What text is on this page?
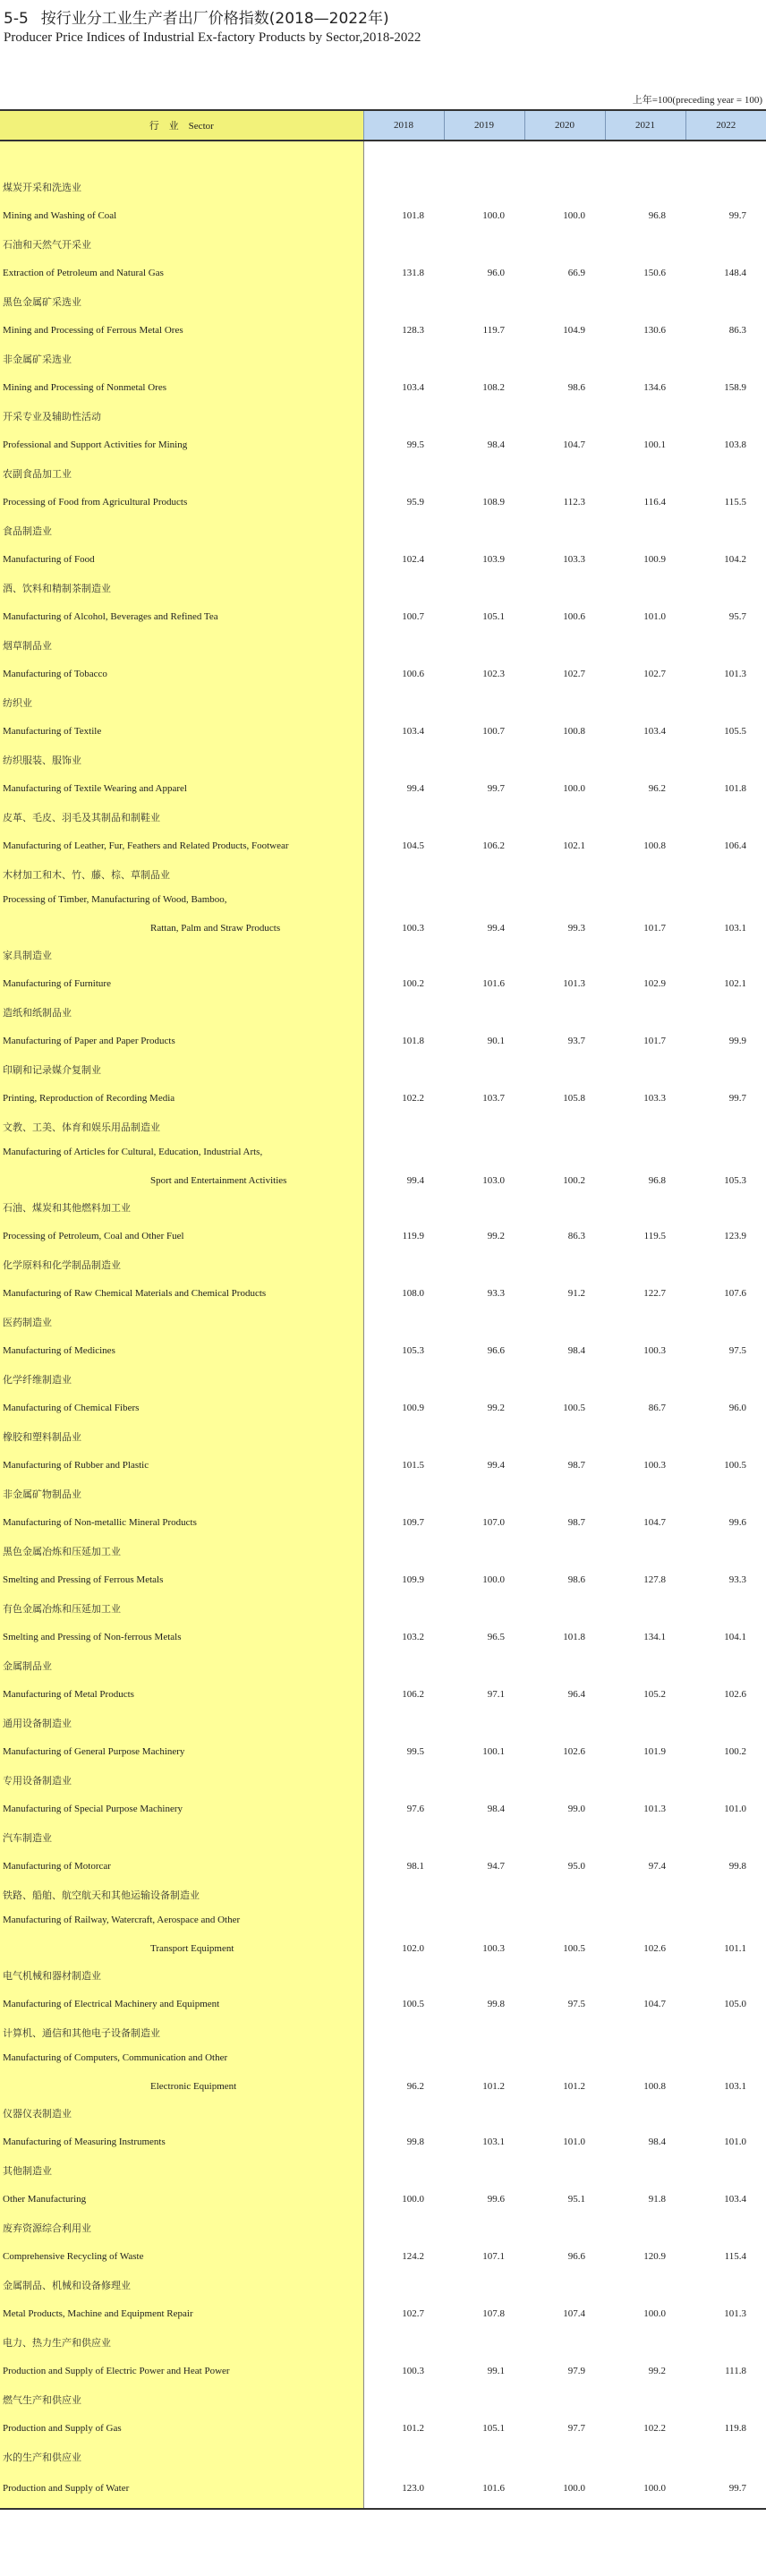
5-5 按行业分工业生产者出厂价格指数(2018—2022年)
Producer Price Indices of Industrial Ex-factory Products by Sector,2018-2022
上年=100(preceding year = 100)
行　业　Sector	2018	2019	2020	2021	2022

煤炭开采和洗选业					
Mining and Washing of Coal	101.8	100.0	100.0	96.8	99.7
石油和天然气开采业					
Extraction of Petroleum and Natural Gas	131.8	96.0	66.9	150.6	148.4
黑色金属矿采选业					
Mining and Processing of Ferrous Metal Ores	128.3	119.7	104.9	130.6	86.3
非金属矿采选业					
Mining and Processing of Nonmetal Ores	103.4	108.2	98.6	134.6	158.9
开采专业及辅助性活动					
Professional and Support Activities for Mining	99.5	98.4	104.7	100.1	103.8
农副食品加工业					
Processing of Food from Agricultural Products	95.9	108.9	112.3	116.4	115.5
食品制造业					
Manufacturing of Food	102.4	103.9	103.3	100.9	104.2
酒、饮料和精制茶制造业					
Manufacturing of Alcohol, Beverages and Refined Tea	100.7	105.1	100.6	101.0	95.7
烟草制品业					
Manufacturing of Tobacco	100.6	102.3	102.7	102.7	101.3
纺织业					
Manufacturing of Textile	103.4	100.7	100.8	103.4	105.5
纺织服装、服饰业					
Manufacturing of Textile Wearing and Apparel	99.4	99.7	100.0	96.2	101.8
皮革、毛皮、羽毛及其制品和制鞋业					
Manufacturing of Leather, Fur, Feathers and Related Products, Footwear	104.5	106.2	102.1	100.8	106.4
木材加工和木、竹、藤、棕、草制品业					
Processing of Timber, Manufacturing of Wood, Bamboo,					
Rattan, Palm and Straw Products	100.3	99.4	99.3	101.7	103.1
家具制造业					
Manufacturing of Furniture	100.2	101.6	101.3	102.9	102.1
造纸和纸制品业					
Manufacturing of Paper and Paper Products	101.8	90.1	93.7	101.7	99.9
印刷和记录媒介复制业					
Printing, Reproduction of Recording Media	102.2	103.7	105.8	103.3	99.7
文教、工美、体育和娱乐用品制造业					
Manufacturing of Articles for Cultural, Education, Industrial Arts,					
Sport and Entertainment Activities	99.4	103.0	100.2	96.8	105.3
石油、煤炭和其他燃料加工业					
Processing of Petroleum, Coal and Other Fuel	119.9	99.2	86.3	119.5	123.9
化学原料和化学制品制造业					
Manufacturing of Raw Chemical Materials and Chemical Products	108.0	93.3	91.2	122.7	107.6
医药制造业					
Manufacturing of Medicines	105.3	96.6	98.4	100.3	97.5
化学纤维制造业					
Manufacturing of Chemical Fibers	100.9	99.2	100.5	86.7	96.0
橡胶和塑料制品业					
Manufacturing of Rubber and Plastic	101.5	99.4	98.7	100.3	100.5
非金属矿物制品业					
Manufacturing of Non-metallic Mineral Products	109.7	107.0	98.7	104.7	99.6
黑色金属冶炼和压延加工业					
Smelting and Pressing of Ferrous Metals	109.9	100.0	98.6	127.8	93.3
有色金属冶炼和压延加工业					
Smelting and Pressing of Non-ferrous Metals	103.2	96.5	101.8	134.1	104.1
金属制品业					
Manufacturing of Metal Products	106.2	97.1	96.4	105.2	102.6
通用设备制造业					
Manufacturing of General Purpose Machinery	99.5	100.1	102.6	101.9	100.2
专用设备制造业					
Manufacturing of Special Purpose Machinery	97.6	98.4	99.0	101.3	101.0
汽车制造业					
Manufacturing of Motorcar	98.1	94.7	95.0	97.4	99.8
铁路、船舶、航空航天和其他运输设备制造业					
Manufacturing of Railway, Watercraft, Aerospace and Other					
Transport Equipment	102.0	100.3	100.5	102.6	101.1
电气机械和器材制造业					
Manufacturing of Electrical Machinery and Equipment	100.5	99.8	97.5	104.7	105.0
计算机、通信和其他电子设备制造业					
Manufacturing of Computers, Communication and Other					
Electronic Equipment	96.2	101.2	101.2	100.8	103.1
仪器仪表制造业					
Manufacturing of Measuring Instruments	99.8	103.1	101.0	98.4	101.0
其他制造业					
Other Manufacturing	100.0	99.6	95.1	91.8	103.4
废弃资源综合利用业					
Comprehensive Recycling of Waste	124.2	107.1	96.6	120.9	115.4
金属制品、机械和设备修理业					
Metal Products, Machine and Equipment Repair	102.7	107.8	107.4	100.0	101.3
电力、热力生产和供应业					
Production and Supply of Electric Power and Heat Power	100.3	99.1	97.9	99.2	111.8
燃气生产和供应业					
Production and Supply of Gas	101.2	105.1	97.7	102.2	119.8
水的生产和供应业					
Production and Supply of Water	123.0	101.6	100.0	100.0	99.7
